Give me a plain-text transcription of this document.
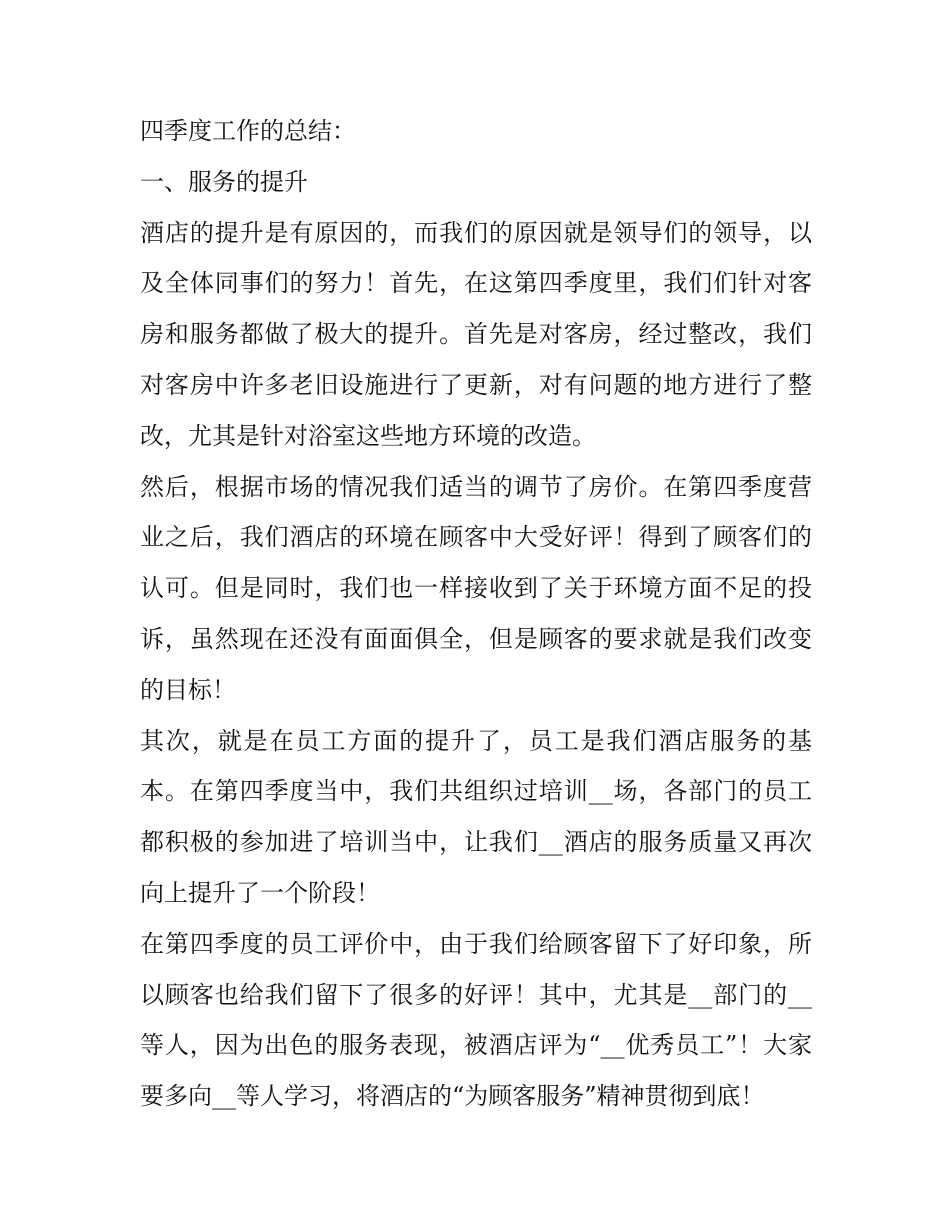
四季度工作的总结：
一、服务的提升
酒店的提升是有原因的，而我们的原因就是领导们的领导，以
及全体同事们的努力！首先，在这第四季度里，我们们针对客
房和服务都做了极大的提升。首先是对客房，经过整改，我们
对客房中许多老旧设施进行了更新，对有问题的地方进行了整
改，尤其是针对浴室这些地方环境的改造。
然后，根据市场的情况我们适当的调节了房价。在第四季度营
业之后，我们酒店的环境在顾客中大受好评！得到了顾客们的
认可。但是同时，我们也一样接收到了关于环境方面不足的投
诉，虽然现在还没有面面俱全，但是顾客的要求就是我们改变
的目标！
其次，就是在员工方面的提升了，员工是我们酒店服务的基
本。在第四季度当中，我们共组织过培训__场，各部门的员工
都积极的参加进了培训当中，让我们__酒店的服务质量又再次
向上提升了一个阶段！
在第四季度的员工评价中，由于我们给顾客留下了好印象，所
以顾客也给我们留下了很多的好评！其中，尤其是__部门的__
等人，因为出色的服务表现，被酒店评为“__优秀员工”！大家
要多向__等人学习，将酒店的“为顾客服务”精神贯彻到底！
